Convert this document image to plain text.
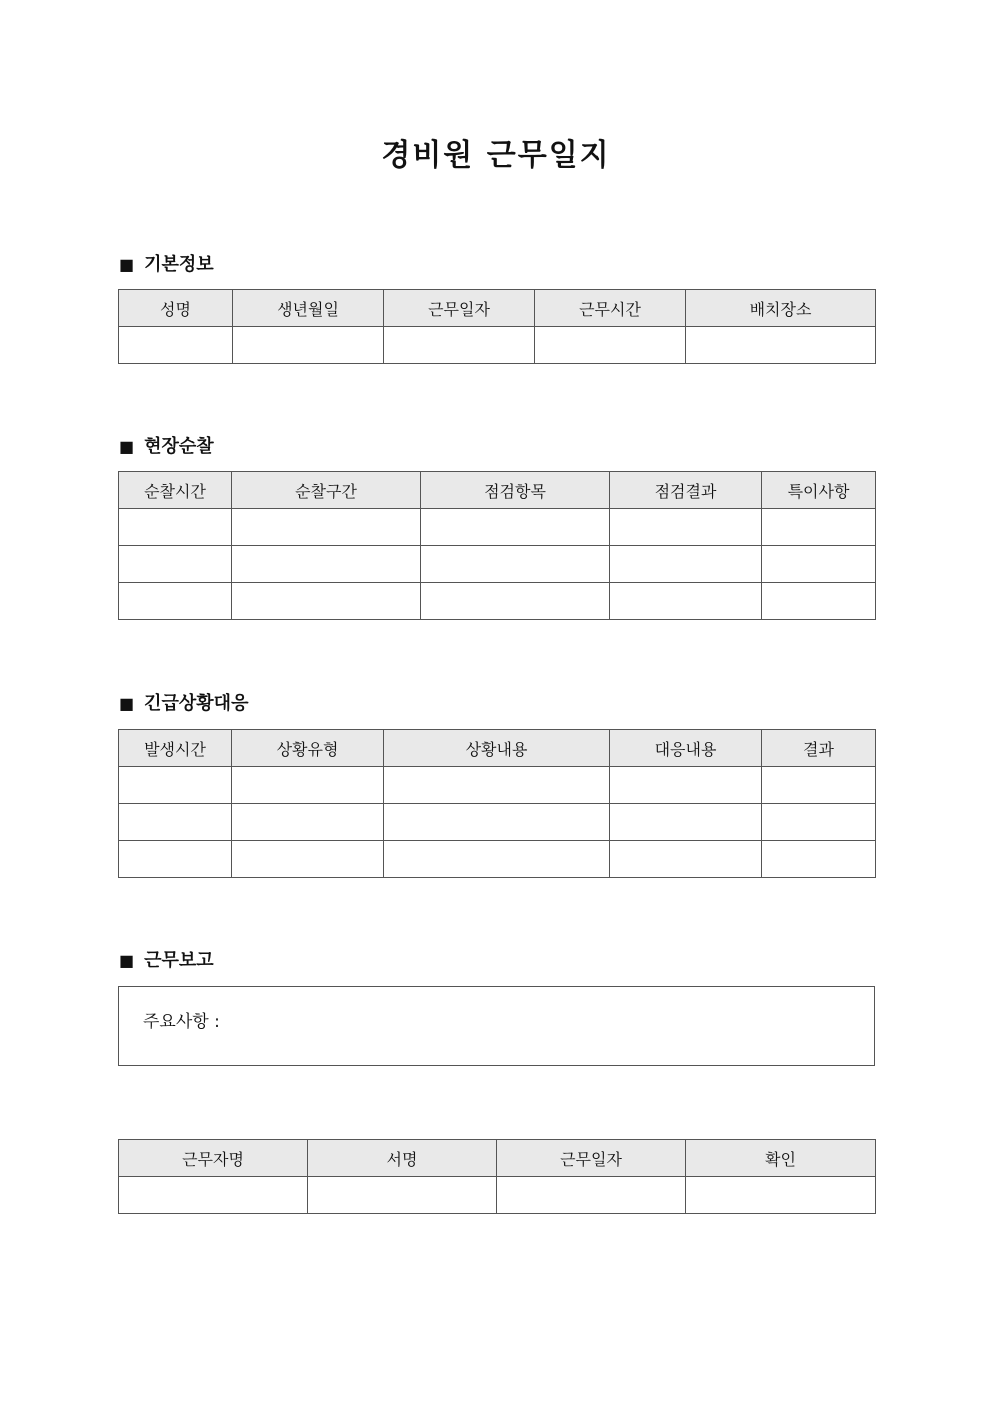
경비원 근무일지
■ 기본정보
성명	생년월일	근무일자	근무시간	배치장소

■ 현장순찰
순찰시간	순찰구간	점검항목	점검결과	특이사항

■ 긴급상황대응
발생시간	상황유형	상황내용	대응내용	결과

■ 근무보고
주요사항 :
근무자명	서명	근무일자	확인
